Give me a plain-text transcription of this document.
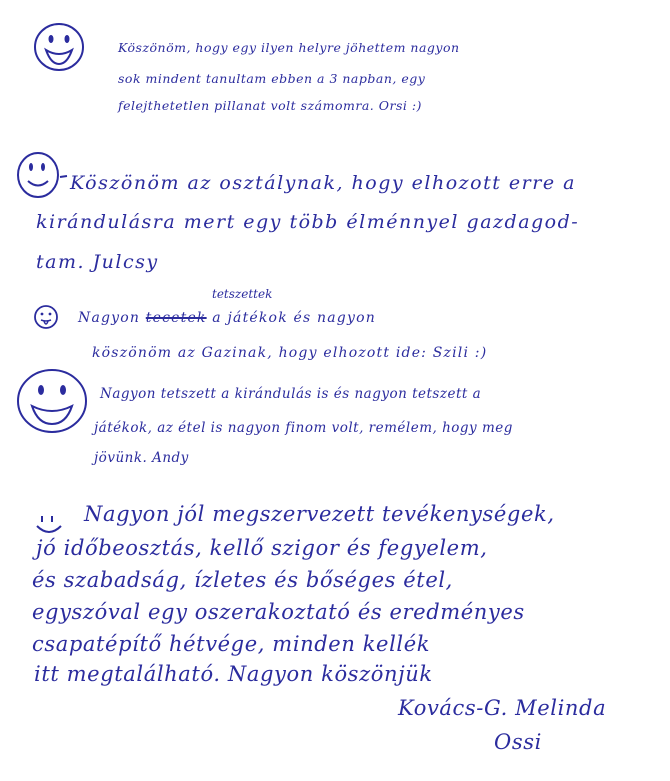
Köszönöm, hogy egy ilyen helyre jöhettem nagyon
sok mindent tanultam ebben a 3 napban, egy
felejthetetlen pillanat volt számomra. Orsi :)
Köszönöm az osztálynak, hogy elhozott erre a
kirándulásra mert egy több élménnyel gazdagod-
tam. Julcsy
tetszettek
Nagyon tecetek a játékok és nagyon
köszönöm az Gazinak, hogy elhozott ide: Szili :)
Nagyon tetszett a kirándulás is és nagyon tetszett a
játékok, az étel is nagyon finom volt, remélem, hogy meg
jövünk. Andy
Nagyon jól megszervezett tevékenységek,
jó időbeosztás, kellő szigor és fegyelem,
és szabadság, ízletes és bőséges étel,
egyszóval egy oszerakoztató és eredményes
csapatépítő hétvége, minden kellék
itt megtalálható. Nagyon köszönjük
Kovács-G. Melinda
Ossi
